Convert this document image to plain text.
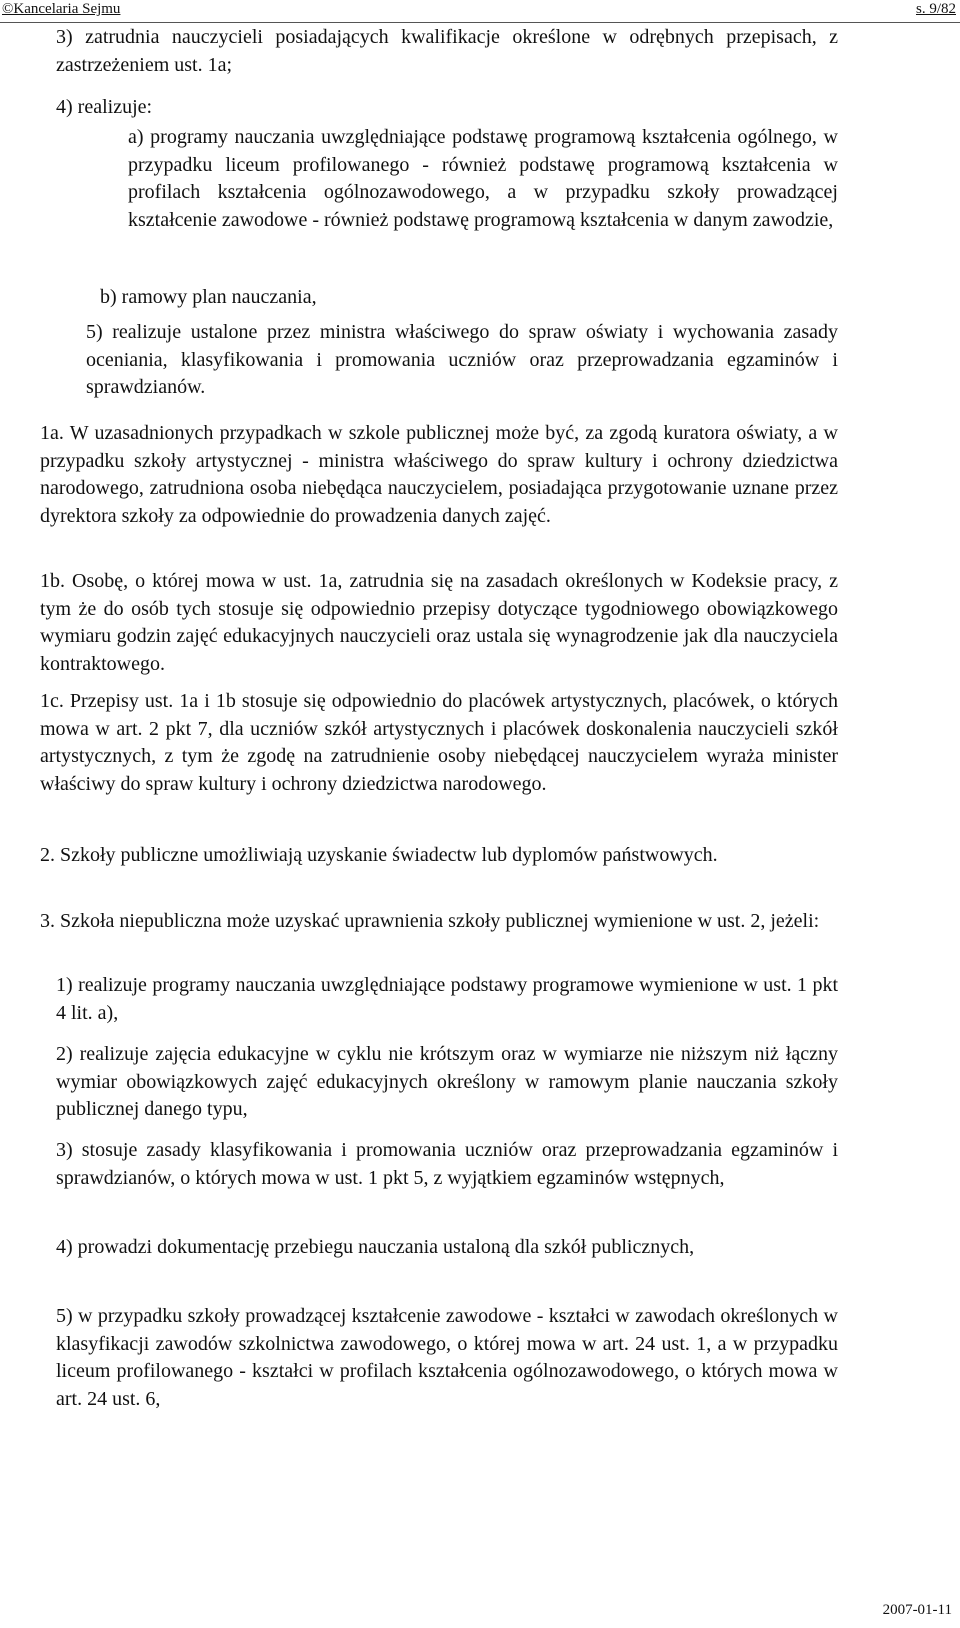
©Kancelaria Sejmu	s. 9/82

3) zatrudnia nauczycieli posiadających kwalifikacje określone w odrębnych przepisach, z zastrzeżeniem ust. 1a;

4) realizuje:

a) programy nauczania uwzględniające podstawę programową kształcenia ogólnego, w przypadku liceum profilowanego - również podstawę programową kształcenia w profilach kształcenia ogólnozawodowego, a w przypadku szkoły prowadzącej kształcenie zawodowe - również podstawę programową kształcenia w danym zawodzie,

b) ramowy plan nauczania,

5) realizuje ustalone przez ministra właściwego do spraw oświaty i wychowania zasady oceniania, klasyfikowania i promowania uczniów oraz przeprowadzania egzaminów i sprawdzianów.

1a. W uzasadnionych przypadkach w szkole publicznej może być, za zgodą kuratora oświaty, a w przypadku szkoły artystycznej - ministra właściwego do spraw kultury i ochrony dziedzictwa narodowego, zatrudniona osoba niebędąca nauczycielem, posiadająca przygotowanie uznane przez dyrektora szkoły za odpowiednie do prowadzenia danych zajęć.

1b. Osobę, o której mowa w ust. 1a, zatrudnia się na zasadach określonych w Kodeksie pracy, z tym że do osób tych stosuje się odpowiednio przepisy dotyczące tygodniowego obowiązkowego wymiaru godzin zajęć edukacyjnych nauczycieli oraz ustala się wynagrodzenie jak dla nauczyciela kontraktowego.

1c. Przepisy ust. 1a i 1b stosuje się odpowiednio do placówek artystycznych, placówek, o których mowa w art. 2 pkt 7, dla uczniów szkół artystycznych i placówek doskonalenia nauczycieli szkół artystycznych, z tym że zgodę na zatrudnienie osoby niebędącej nauczycielem wyraża minister właściwy do spraw kultury i ochrony dziedzictwa narodowego.

2. Szkoły publiczne umożliwiają uzyskanie świadectw lub dyplomów państwowych.

3. Szkoła niepubliczna może uzyskać uprawnienia szkoły publicznej wymienione w ust. 2, jeżeli:

1) realizuje programy nauczania uwzględniające podstawy programowe wymienione w ust. 1 pkt 4 lit. a),

2) realizuje zajęcia edukacyjne w cyklu nie krótszym oraz w wymiarze nie niższym niż łączny wymiar obowiązkowych zajęć edukacyjnych określony w ramowym planie nauczania szkoły publicznej danego typu,

3) stosuje zasady klasyfikowania i promowania uczniów oraz przeprowadzania egzaminów i sprawdzianów, o których mowa w ust. 1 pkt 5, z wyjątkiem egzaminów wstępnych,

4) prowadzi dokumentację przebiegu nauczania ustaloną dla szkół publicznych,

5) w przypadku szkoły prowadzącej kształcenie zawodowe - kształci w zawodach określonych w klasyfikacji zawodów szkolnictwa zawodowego, o której mowa w art. 24 ust. 1, a w przypadku liceum profilowanego - kształci w profilach kształcenia ogólnozawodowego, o których mowa w art. 24 ust. 6,

2007-01-11
